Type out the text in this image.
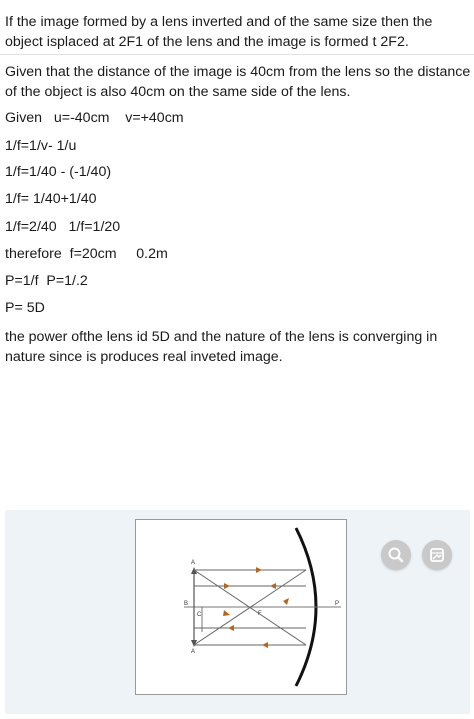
If the image formed by a lens inverted and of the same size then the object isplaced at 2F1 of the lens and the image is formed t 2F2.

Given that the distance of the image is 40cm from the lens so the distance of the object is also 40cm on the same side of the lens.

Given   u=-40cm    v=+40cm
1/f=1/v- 1/u
1/f=1/40 - (-1/40)
1/f= 1/40+1/40
1/f=2/40   1/f=1/20
therefore  f=20cm     0.2m
P=1/f  P=1/.2
P= 5D

the power ofthe lens id 5D and the nature of the lens is converging in nature since is produces real inveted image.

A
B
C	F
P
A
